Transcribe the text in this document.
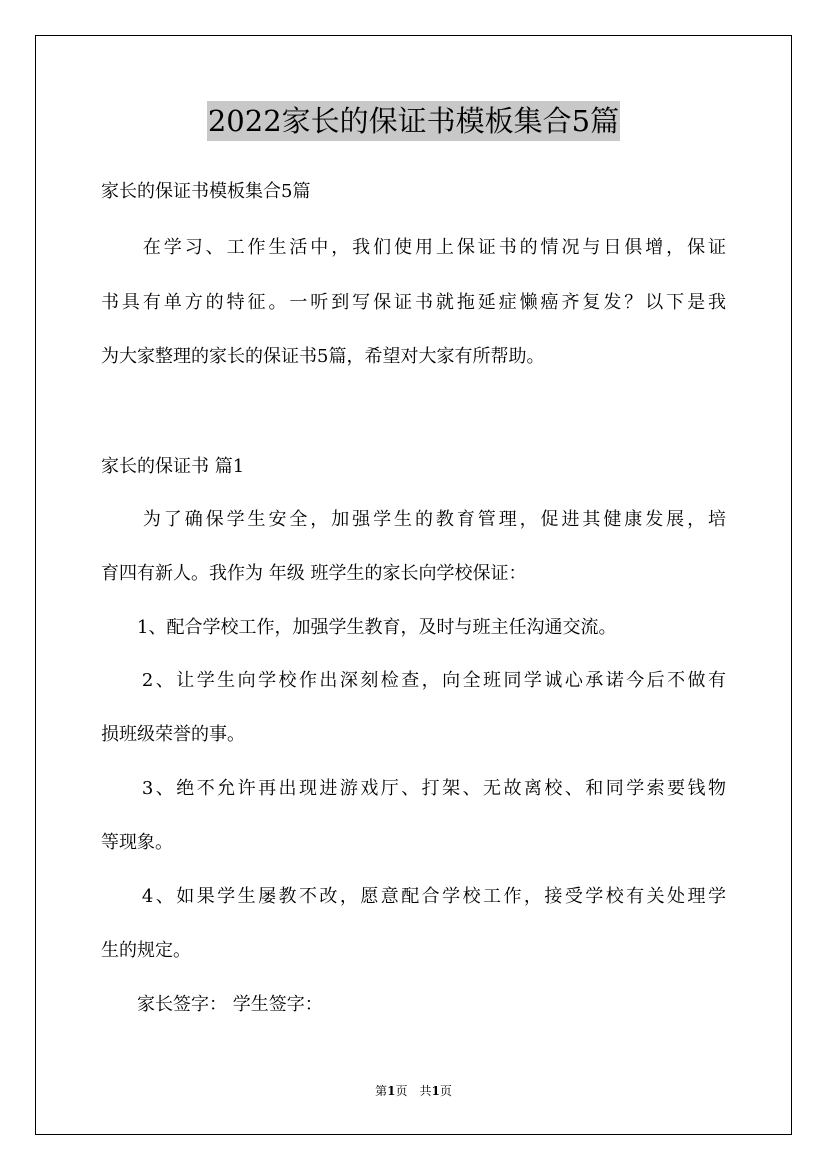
2022家长的保证书模板集合5篇
家长的保证书模板集合5篇
　　在学习、工作生活中，我们使用上保证书的情况与日俱增，保证
书具有单方的特征。一听到写保证书就拖延症懒癌齐复发？以下是我
为大家整理的家长的保证书5篇，希望对大家有所帮助。
家长的保证书 篇1
　　为了确保学生安全，加强学生的教育管理，促进其健康发展，培
育四有新人。我作为 年级 班学生的家长向学校保证：
　　1、配合学校工作，加强学生教育，及时与班主任沟通交流。
　　2、让学生向学校作出深刻检查，向全班同学诚心承诺今后不做有
损班级荣誉的事。
　　3、绝不允许再出现进游戏厅、打架、无故离校、和同学索要钱物
等现象。
　　4、如果学生屡教不改，愿意配合学校工作，接受学校有关处理学
生的规定。
　　家长签字： 学生签字：
第1页　共1页
